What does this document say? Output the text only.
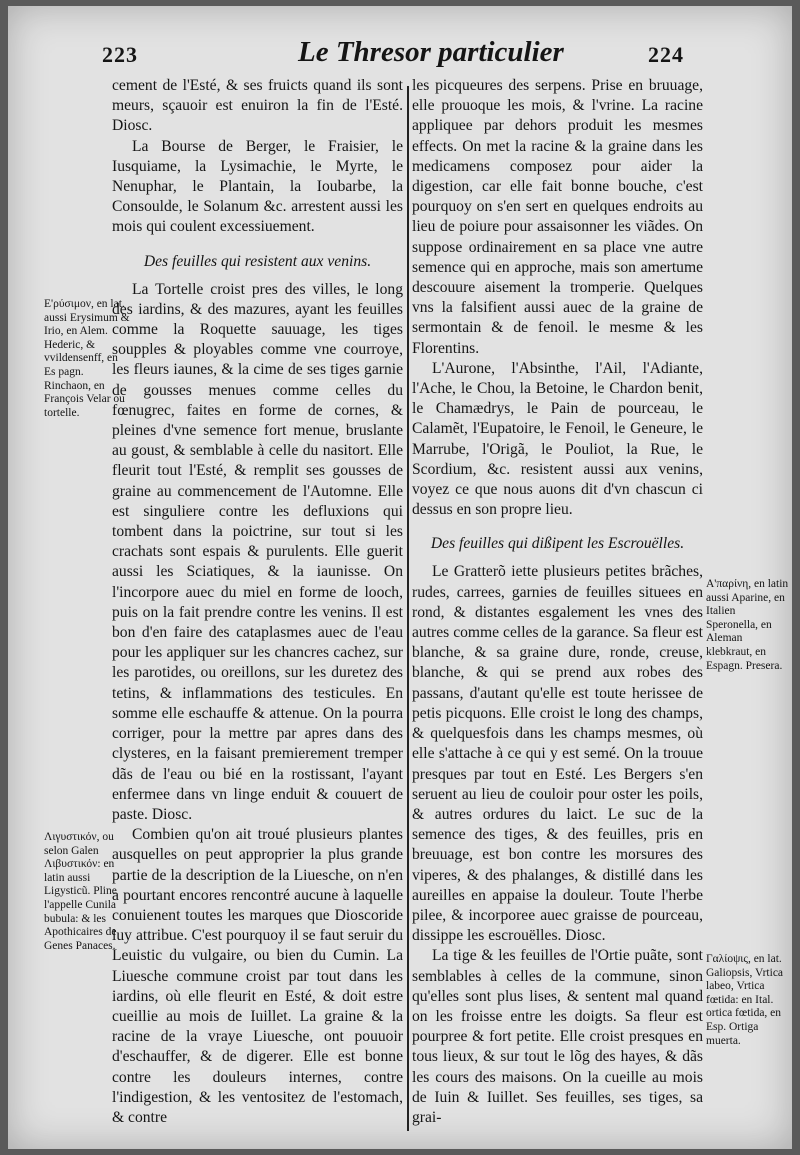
223	Le Thresor particulier	224

cement de l'Esté, & ses fruicts quand ils sont meurs, sçauoir est enuiron la fin de l'Esté. Diosc.

La Bourse de Berger, le Fraisier, le Iusquiame, la Lysimachie, le Myrte, le Nenuphar, le Plantain, la Ioubarbe, la Consoulde, le Solanum &c. arrestent aussi les mois qui coulent excessiuement.

Des feuilles qui resistent aux venins.

La Tortelle croist pres des villes, le long des iardins, & des mazures, ayant les feuilles comme la Roquette sauuage, les tiges soupples & ployables comme vne courroye, les fleurs iaunes, & la cime de ses tiges garnie de gousses menues comme celles du fœnugrec, faites en forme de cornes, & pleines d'vne semence fort menue, bruslante au goust, & semblable à celle du nasitort. Elle fleurit tout l'Esté, & remplit ses gousses de graine au commencement de l'Automne. Elle est singuliere contre les defluxions qui tombent dans la poictrine, sur tout si les crachats sont espais & purulents. Elle guerit aussi les Sciatiques, & la iaunisse. On l'incorpore auec du miel en forme de looch, puis on la fait prendre contre les venins. Il est bon d'en faire des cataplasmes auec de l'eau pour les appliquer sur les chancres cachez, sur les parotides, ou oreillons, sur les duretez des tetins, & inflammations des testicules. En somme elle eschauffe & attenue. On la pourra corriger, pour la mettre par apres dans des clysteres, en la faisant premierement tremper dãs de l'eau ou bié en la rostissant, l'ayant enfermee dans vn linge enduit & couuert de paste. Diosc.

Combien qu'on ait troué plusieurs plantes ausquelles on peut approprier la plus grande partie de la description de la Liuesche, on n'en a pourtant encores rencontré aucune à laquelle conuienent toutes les marques que Dioscoride luy attribue. C'est pourquoy il se faut seruir du Leuistic du vulgaire, ou bien du Cumin. La Liuesche commune croist par tout dans les iardins, où elle fleurit en Esté, & doit estre cueillie au mois de Iuillet. La graine & la racine de la vraye Liuesche, ont pouuoir d'eschauffer, & de digerer. Elle est bonne contre les douleurs internes, contre l'indigestion, & les ventositez de l'estomach, & contre

les picqueures des serpens. Prise en bruuage, elle prouoque les mois, & l'vrine. La racine appliquee par dehors produit les mesmes effects. On met la racine & la graine dans les medicamens composez pour aider la digestion, car elle fait bonne bouche, c'est pourquoy on s'en sert en quelques endroits au lieu de poiure pour assaisonner les viãdes. On suppose ordinairement en sa place vne autre semence qui en approche, mais son amertume descouure aisement la tromperie. Quelques vns la falsifient aussi auec de la graine de sermontain & de fenoil. le mesme & les Florentins.

L'Aurone, l'Absinthe, l'Ail, l'Adiante, l'Ache, le Chou, la Betoine, le Chardon benit, le Chamædrys, le Pain de pourceau, le Calamẽt, l'Eupatoire, le Fenoil, le Geneure, le Marrube, l'Origã, le Pouliot, la Rue, le Scordium, &c. resistent aussi aux venins, voyez ce que nous auons dit d'vn chascun ci dessus en son propre lieu.

Des feuilles qui dißipent les Escrouëlles.

Le Gratterõ iette plusieurs petites brãches, rudes, carrees, garnies de feuilles situees en rond, & distantes esgalement les vnes des autres comme celles de la garance. Sa fleur est blanche, & sa graine dure, ronde, creuse, blanche, & qui se prend aux robes des passans, d'autant qu'elle est toute herissee de petis picquons. Elle croist le long des champs, & quelquesfois dans les champs mesmes, où elle s'attache à ce qui y est semé. On la trouue presques par tout en Esté. Les Bergers s'en seruent au lieu de couloir pour oster les poils, & autres ordures du laict. Le suc de la semence des tiges, & des feuilles, pris en breuuage, est bon contre les morsures des viperes, & des phalanges, & distillé dans les aureilles en appaise la douleur. Toute l'herbe pilee, & incorporee auec graisse de pourceau, dissippe les escrouëlles. Diosc.

La tige & les feuilles de l'Ortie puãte, sont semblables à celles de la commune, sinon qu'elles sont plus lises, & sentent mal quand on les froisse entre les doigts. Sa fleur est pourpree & fort petite. Elle croist presques en tous lieux, & sur tout le lõg des hayes, & dãs les cours des maisons. On la cueille au mois de Iuin & Iuillet. Ses feuilles, ses tiges, sa grai-

Ε'ρύσιμον, en lat. aussi Erysimum & Irio, en Alem. Hederic, & vvildensenff, en Es pagn. Rinchaon, en François Velar ou tortelle.
Λιγυστικόν, ou selon Galen Λιβυστικόν: en latin aussi Ligysticũ. Pline l'appelle Cunila bubula: & les Apothicaires de Genes Panaces.
Α'παρίνη, en latin aussi Aparine, en Italien Speronella, en Aleman klebkraut, en Espagn. Presera.
Γαλίοψις, en lat. Galiopsis, Vrtica labeo, Vrtica fœtida: en Ital. ortica fœtida, en Esp. Ortiga muerta.
